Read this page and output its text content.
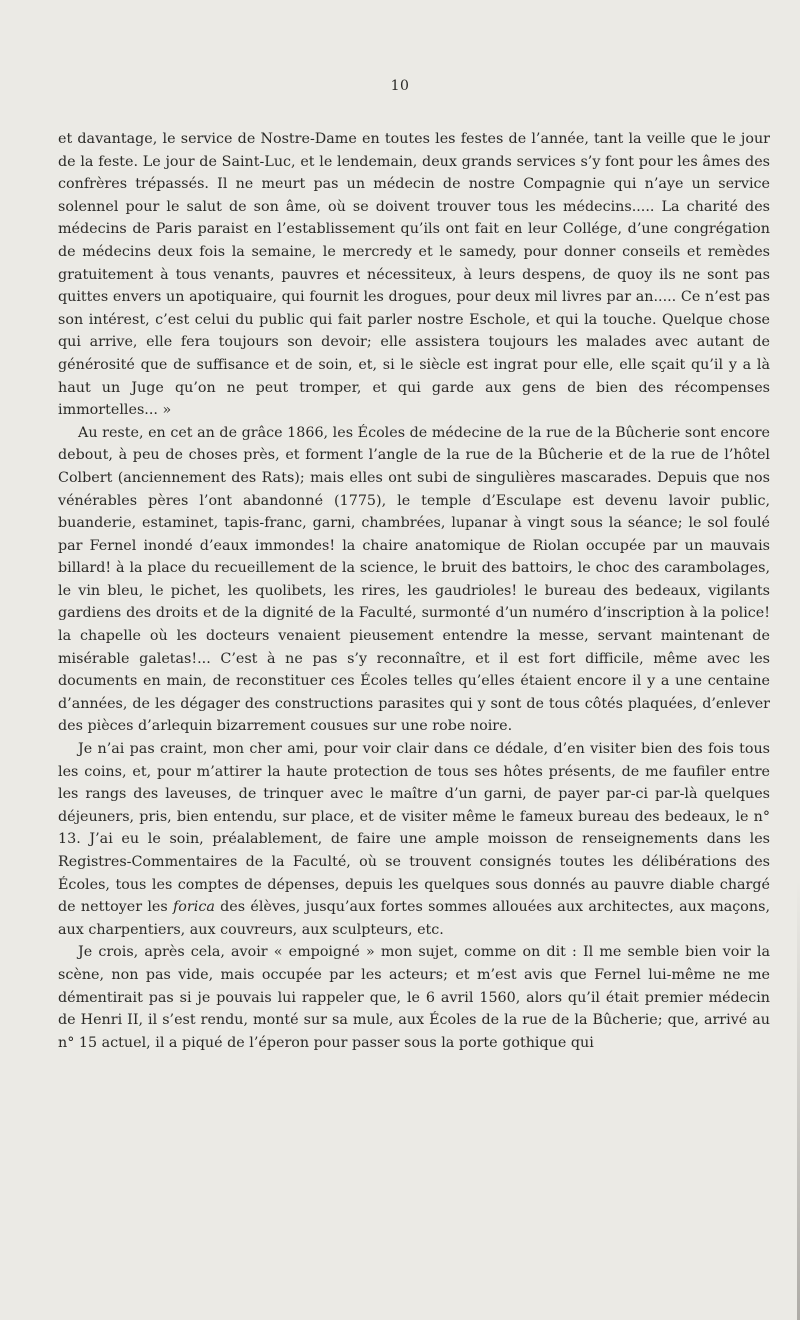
10

et davantage, le service de Nostre-Dame en toutes les festes de l’année, tant la veille que le jour de la feste. Le jour de Saint-Luc, et le lendemain, deux grands services s’y font pour les âmes des confrères trépassés. Il ne meurt pas un médecin de nostre Compagnie qui n’aye un service solennel pour le salut de son âme, où se doivent trouver tous les médecins..... La charité des médecins de Paris paraist en l’establissement qu’ils ont fait en leur Collége, d’une congrégation de médecins deux fois la semaine, le mercredy et le samedy, pour donner conseils et remèdes gratuitement à tous venants, pauvres et nécessiteux, à leurs despens, de quoy ils ne sont pas quittes envers un apotiquaire, qui fournit les drogues, pour deux mil livres par an..... Ce n’est pas son intérest, c’est celui du public qui fait parler nostre Eschole, et qui la touche. Quelque chose qui arrive, elle fera toujours son devoir; elle assistera toujours les malades avec autant de générosité que de suffisance et de soin, et, si le siècle est ingrat pour elle, elle sçait qu’il y a là haut un Juge qu’on ne peut tromper, et qui garde aux gens de bien des récompenses immortelles... »

Au reste, en cet an de grâce 1866, les Écoles de médecine de la rue de la Bûcherie sont encore debout, à peu de choses près, et forment l’angle de la rue de la Bûcherie et de la rue de l’hôtel Colbert (anciennement des Rats); mais elles ont subi de singulières mascarades. Depuis que nos vénérables pères l’ont abandonné (1775), le temple d’Esculape est devenu lavoir public, buanderie, estaminet, tapis-franc, garni, chambrées, lupanar à vingt sous la séance; le sol foulé par Fernel inondé d’eaux immondes! la chaire anatomique de Riolan occupée par un mauvais billard! à la place du recueillement de la science, le bruit des battoirs, le choc des carambolages, le vin bleu, le pichet, les quolibets, les rires, les gaudrioles! le bureau des bedeaux, vigilants gardiens des droits et de la dignité de la Faculté, surmonté d’un numéro d’inscription à la police! la chapelle où les docteurs venaient pieusement entendre la messe, servant maintenant de misérable galetas!... C’est à ne pas s’y reconnaître, et il est fort difficile, même avec les documents en main, de reconstituer ces Écoles telles qu’elles étaient encore il y a une centaine d’années, de les dégager des constructions parasites qui y sont de tous côtés plaquées, d’enlever des pièces d’arlequin bizarrement cousues sur une robe noire.

Je n’ai pas craint, mon cher ami, pour voir clair dans ce dédale, d’en visiter bien des fois tous les coins, et, pour m’attirer la haute protection de tous ses hôtes présents, de me faufiler entre les rangs des laveuses, de trinquer avec le maître d’un garni, de payer par-ci par-là quelques déjeuners, pris, bien entendu, sur place, et de visiter même le fameux bureau des bedeaux, le n° 13. J’ai eu le soin, préalablement, de faire une ample moisson de renseignements dans les Registres-Commentaires de la Faculté, où se trouvent consignés toutes les délibérations des Écoles, tous les comptes de dépenses, depuis les quelques sous donnés au pauvre diable chargé de nettoyer les forica des élèves, jusqu’aux fortes sommes allouées aux architectes, aux maçons, aux charpentiers, aux couvreurs, aux sculpteurs, etc.

Je crois, après cela, avoir « empoigné » mon sujet, comme on dit : Il me semble bien voir la scène, non pas vide, mais occupée par les acteurs; et m’est avis que Fernel lui-même ne me démentirait pas si je pouvais lui rappeler que, le 6 avril 1560, alors qu’il était premier médecin de Henri II, il s’est rendu, monté sur sa mule, aux Écoles de la rue de la Bûcherie; que, arrivé au n° 15 actuel, il a piqué de l’éperon pour passer sous la porte gothique qui
